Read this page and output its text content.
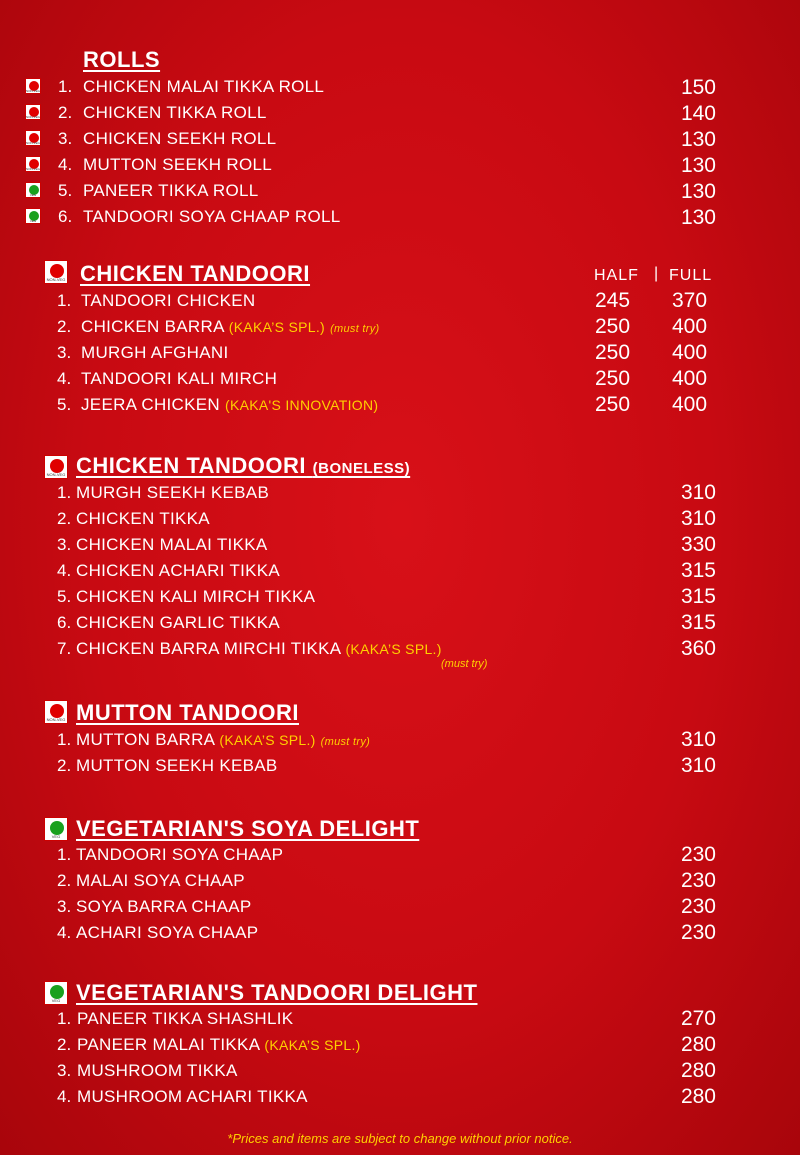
ROLLS
NON-VEG 1. CHICKEN MALAI TIKKA ROLL	150
NON-VEG 2. CHICKEN TIKKA ROLL	140
NON-VEG 3. CHICKEN SEEKH ROLL	130
NON-VEG 4. MUTTON SEEKH ROLL	130
VEG 5. PANEER TIKKA ROLL	130
VEG 6. TANDOORI SOYA CHAAP ROLL	130
NON-VEG CHICKEN TANDOORI	HALF | FULL
1. TANDOORI CHICKEN	245 370
2. CHICKEN BARRA (KAKA’S SPL.) (must try)	250 400
3. MURGH AFGHANI	250 400
4. TANDOORI KALI MIRCH	250 400
5. JEERA CHICKEN (KAKA'S INNOVATION)	250 400
NON-VEG CHICKEN TANDOORI (BONELESS)
1. MURGH SEEKH KEBAB	310
2. CHICKEN TIKKA	310
3. CHICKEN MALAI TIKKA	330
4. CHICKEN ACHARI TIKKA	315
5. CHICKEN KALI MIRCH TIKKA	315
6. CHICKEN GARLIC TIKKA	315
7. CHICKEN BARRA MIRCHI TIKKA (KAKA’S SPL.)	360
(must try)
NON-VEG MUTTON TANDOORI
1. MUTTON BARRA (KAKA’S SPL.) (must try)	310
2. MUTTON SEEKH KEBAB	310
VEG VEGETARIAN'S SOYA DELIGHT
1. TANDOORI SOYA CHAAP	230
2. MALAI SOYA CHAAP	230
3. SOYA BARRA CHAAP	230
4. ACHARI SOYA CHAAP	230
VEG VEGETARIAN'S TANDOORI DELIGHT
1. PANEER TIKKA SHASHLIK	270
2. PANEER MALAI TIKKA (KAKA’S SPL.)	280
3. MUSHROOM TIKKA	280
4. MUSHROOM ACHARI TIKKA	280
*Prices and items are subject to change without prior notice.
